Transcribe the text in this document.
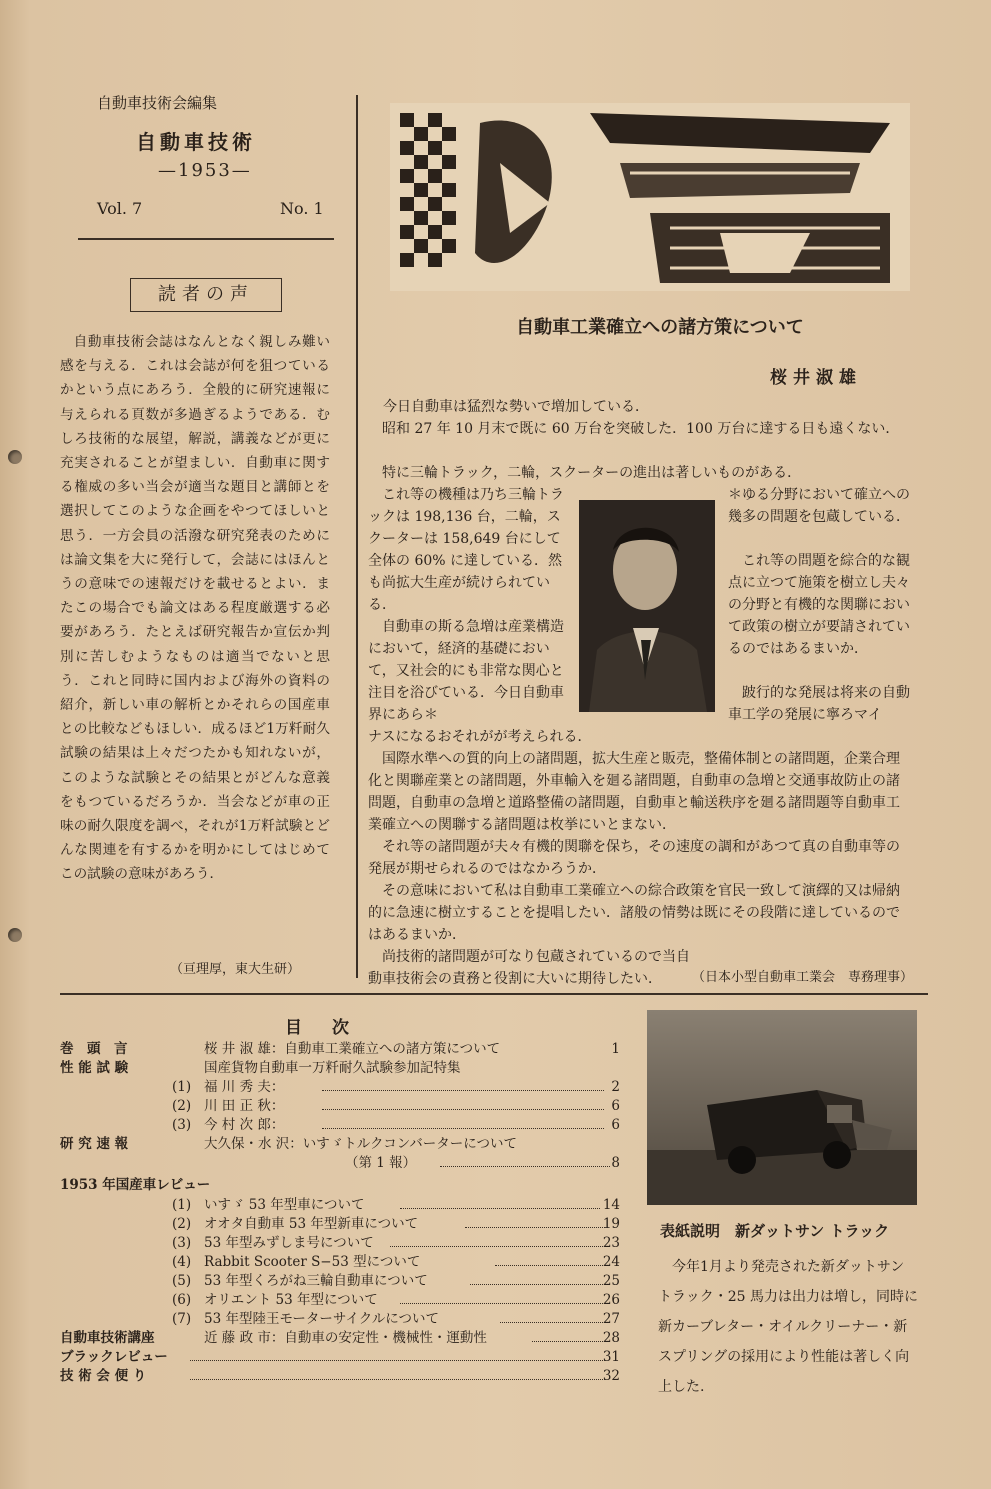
自動車技術会編集
自動車技術
—1953—
Vol. 7	No. 1
読者の声
自動車技術会誌はなんとなく親しみ難い感を与える．これは会誌が何を狙つているかという点にあろう．全般的に研究速報に与えられる頁数が多過ぎるようである．むしろ技術的な展望，解説，講義などが更に充実されることが望ましい．自動車に関する権威の多い当会が適当な題目と講師とを選択してこのような企画をやつてほしいと思う．一方会員の活潑な研究発表のためには論文集を大に発行して，会誌にはほんとうの意味での速報だけを載せるとよい．またこの場合でも論文はある程度厳選する必要があろう．たとえば研究報告か宣伝か判別に苦しむようなものは適当でないと思う．これと同時に国内および海外の資料の紹介，新しい車の解析とかそれらの国産車との比較などもほしい．成るほど1万粁耐久試験の結果は上々だつたかも知れないが，このような試験とその結果とがどんな意義をもつているだろうか．当会などが車の正味の耐久限度を調べ，それが1万粁試験とどんな関連を有するかを明かにしてはじめてこの試験の意味があろう．
（亘理厚，東大生研）
自動車工業確立への諸方策について
桜井淑雄
今日自動車は猛烈な勢いで増加している．
昭和 27 年 10 月末で既に 60 万台を突破した．100 万台に達する日も遠くない．
特に三輪トラック，二輪，スクーターの進出は著しいものがある．
これ等の機種は乃ち三輪トラックは 198,136 台，二輪，スクーターは 158,649 台にして全体の 60% に達している．然も尚拡大生産が続けられている．
自動車の斯る急増は産業構造において，経済的基礎において，又社会的にも非常な関心と注目を浴びている．今日自動車界にあら＊
＊ゆる分野において確立への幾多の問題を包蔵している．
これ等の問題を綜合的な観点に立つて施策を樹立し夫々の分野と有機的な関聯において政策の樹立が要請されているのではあるまいか．
跛行的な発展は将来の自動車工学の発展に寧ろマイ
ナスになるおそれがが考えられる．
国際水準への質的向上の諸問題，拡大生産と販売，整備体制との諸問題，企業合理化と関聯産業との諸問題，外車輸入を廻る諸問題，自動車の急増と交通事故防止の諸問題，自動車の急増と道路整備の諸問題，自動車と輸送秩序を廻る諸問題等自動車工業確立への関聯する諸問題は枚挙にいとまない．
それ等の諸問題が夫々有機的関聯を保ち，その速度の調和があつて真の自動車等の発展が期せられるのではなかろうか．
その意味において私は自動車工業確立への綜合政策を官民一致して演繹的又は帰納的に急速に樹立することを提唱したい．諸般の情勢は既にその段階に達しているのではあるまいか．
尚技術的諸問題が可なり包蔵されているので当自動車技術会の責務と役割に大いに期待したい．	（日本小型自動車工業会　専務理事）
目次
巻　頭　言	桜 井 淑 雄：自動車工業確立への諸方策について	1
性 能 試 験	国産貨物自動車一万粁耐久試験参加記特集
(1) 福 川 秀 夫：	2
(2) 川 田 正 秋：	6
(3) 今 村 次 郎：	6
研 究 速 報	大久保・水 沢：いすゞトルクコンバーターについて
（第 1 報）	8
1953 年国産車レビュー
(1) いすゞ 53 年型車について	14
(2) オオタ自動車 53 年型新車について	19
(3) 53 年型みずしま号について	23
(4) Rabbit Scooter S−53 型について	24
(5) 53 年型くろがね三輪自動車について	25
(6) オリエント 53 年型について	26
(7) 53 年型陸王モーターサイクルについて	27
自動車技術講座	近 藤 政 市：自動車の安定性・機械性・運動性	28
ブラックレビュー	31
技 術 会 便 り	32
表紙説明　新ダットサン トラック
今年1月より発売された新ダットサン トラック・25 馬力は出力は増し，同時に新カーブレター・オイルクリーナー・新スプリングの採用により性能は著しく向上した.
